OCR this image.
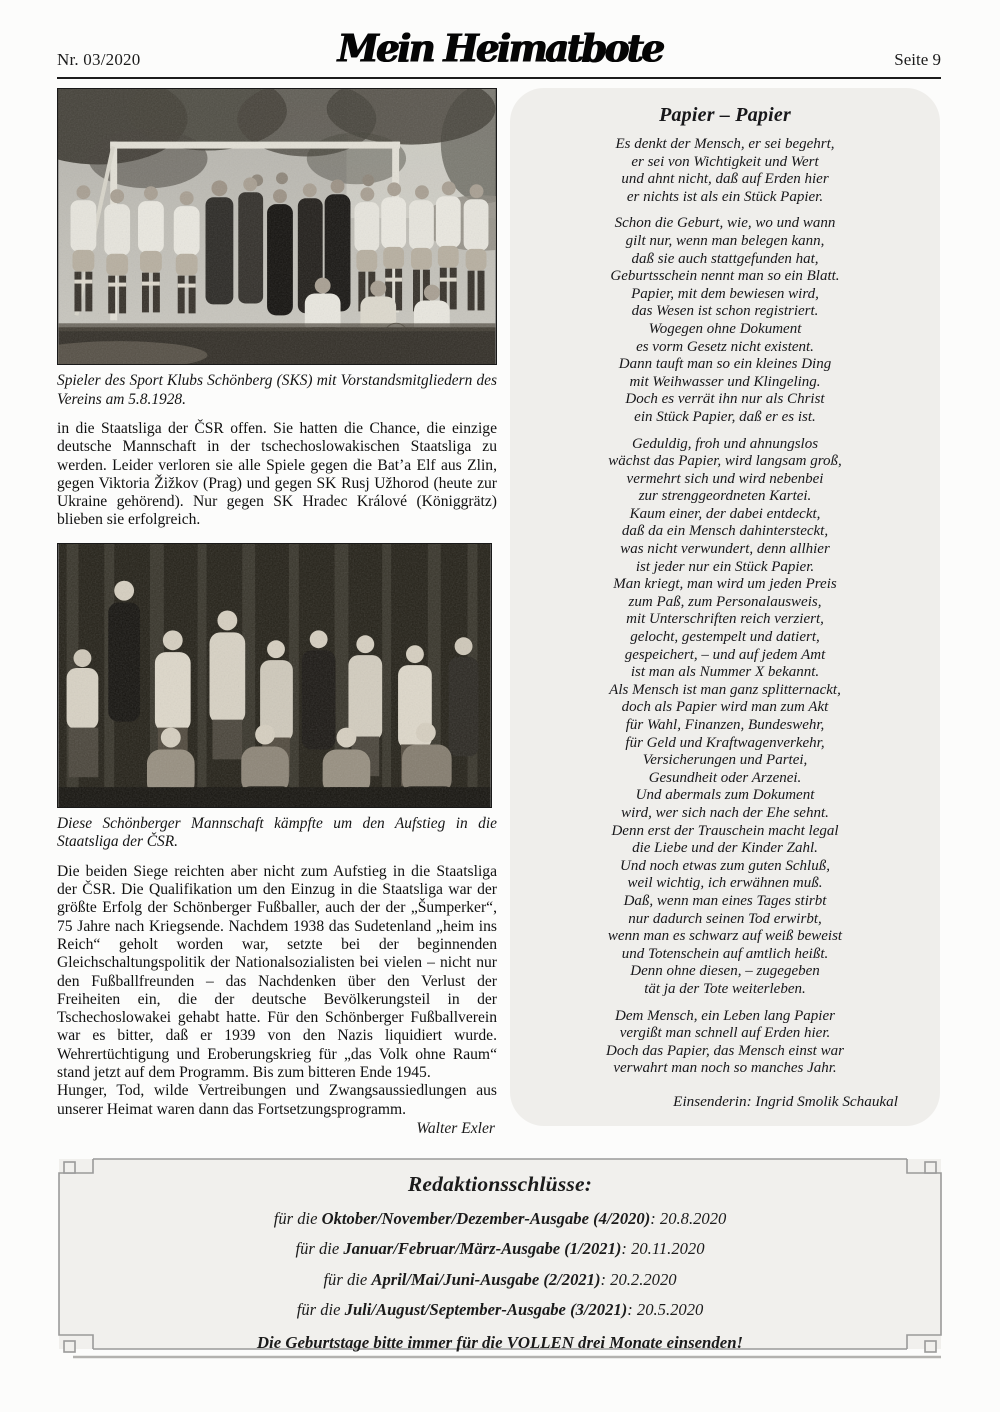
Nr. 03/2020	Mein Heimatbote	Seite 9
Spieler des Sport Klubs Schönberg (SKS) mit Vorstandsmitgliedern des Vereins am 5.8.1928.

in die Staatsliga der ČSR offen. Sie hatten die Chance, die einzige deutsche Mannschaft in der tschechoslowakischen Staatsliga zu werden. Leider verloren sie alle Spiele gegen die Bat’a Elf aus Zlin, gegen Viktoria Žižkov (Prag) und gegen SK Rusj Užhorod (heute zur Ukraine gehörend). Nur gegen SK Hradec Králové (Königgrätz) blieben sie erfolgreich.

Diese Schönberger Mannschaft kämpfte um den Aufstieg in die Staatsliga der ČSR.

Die beiden Siege reichten aber nicht zum Aufstieg in die Staatsliga der ČSR. Die Qualifikation um den Einzug in die Staatsliga war der größte Erfolg der Schönberger Fußballer, auch der der „Šumperker“, 75 Jahre nach Kriegsende. Nachdem 1938 das Sudetenland „heim ins Reich“ geholt worden war, setzte bei der beginnenden Gleichschaltungspolitik der Nationalsozialisten bei vielen – nicht nur den Fußballfreunden – das Nachdenken über den Verlust der Freiheiten ein, die der deutsche Bevölkerungsteil in der Tschechoslowakei gehabt hatte. Für den Schönberger Fußballverein war es bitter, daß er 1939 von den Nazis liquidiert wurde. Wehrertüchtigung und Eroberungskrieg für „das Volk ohne Raum“ stand jetzt auf dem Programm. Bis zum bitteren Ende 1945.

Hunger, Tod, wilde Vertreibungen und Zwangsaussiedlungen aus unserer Heimat waren dann das Fortsetzungsprogramm.

Walter Exler
Papier – Papier
Es denkt der Mensch, er sei begehrt,
er sei von Wichtigkeit und Wert
und ahnt nicht, daß auf Erden hier
er nichts ist als ein Stück Papier.
Schon die Geburt, wie, wo und wann
gilt nur, wenn man belegen kann,
daß sie auch stattgefunden hat,
Geburtsschein nennt man so ein Blatt.
Papier, mit dem bewiesen wird,
das Wesen ist schon registriert.
Wogegen ohne Dokument
es vorm Gesetz nicht existent.
Dann tauft man so ein kleines Ding
mit Weihwasser und Klingeling.
Doch es verrät ihn nur als Christ
ein Stück Papier, daß er es ist.
Geduldig, froh und ahnungslos
wächst das Papier, wird langsam groß,
vermehrt sich und wird nebenbei
zur strenggeordneten Kartei.
Kaum einer, der dabei entdeckt,
daß da ein Mensch dahintersteckt,
was nicht verwundert, denn allhier
ist jeder nur ein Stück Papier.
Man kriegt, man wird um jeden Preis
zum Paß, zum Personalausweis,
mit Unterschriften reich verziert,
gelocht, gestempelt und datiert,
gespeichert, – und auf jedem Amt
ist man als Nummer X bekannt.
Als Mensch ist man ganz splitternackt,
doch als Papier wird man zum Akt
für Wahl, Finanzen, Bundeswehr,
für Geld und Kraftwagenverkehr,
Versicherungen und Partei,
Gesundheit oder Arzenei.
Und abermals zum Dokument
wird, wer sich nach der Ehe sehnt.
Denn erst der Trauschein macht legal
die Liebe und der Kinder Zahl.
Und noch etwas zum guten Schluß,
weil wichtig, ich erwähnen muß.
Daß, wenn man eines Tages stirbt
nur dadurch seinen Tod erwirbt,
wenn man es schwarz auf weiß beweist
und Totenschein auf amtlich heißt.
Denn ohne diesen, – zugegeben
tät ja der Tote weiterleben.
Dem Mensch, ein Leben lang Papier
vergißt man schnell auf Erden hier.
Doch das Papier, das Mensch einst war
verwahrt man noch so manches Jahr.
Einsenderin: Ingrid Smolik Schaukal
Redaktionsschlüsse:
für die Oktober/November/Dezember-Ausgabe (4/2020): 20.8.2020
für die Januar/Februar/März-Ausgabe (1/2021): 20.11.2020
für die April/Mai/Juni-Ausgabe (2/2021): 20.2.2020
für die Juli/August/September-Ausgabe (3/2021): 20.5.2020
Die Geburtstage bitte immer für die VOLLEN drei Monate einsenden!
